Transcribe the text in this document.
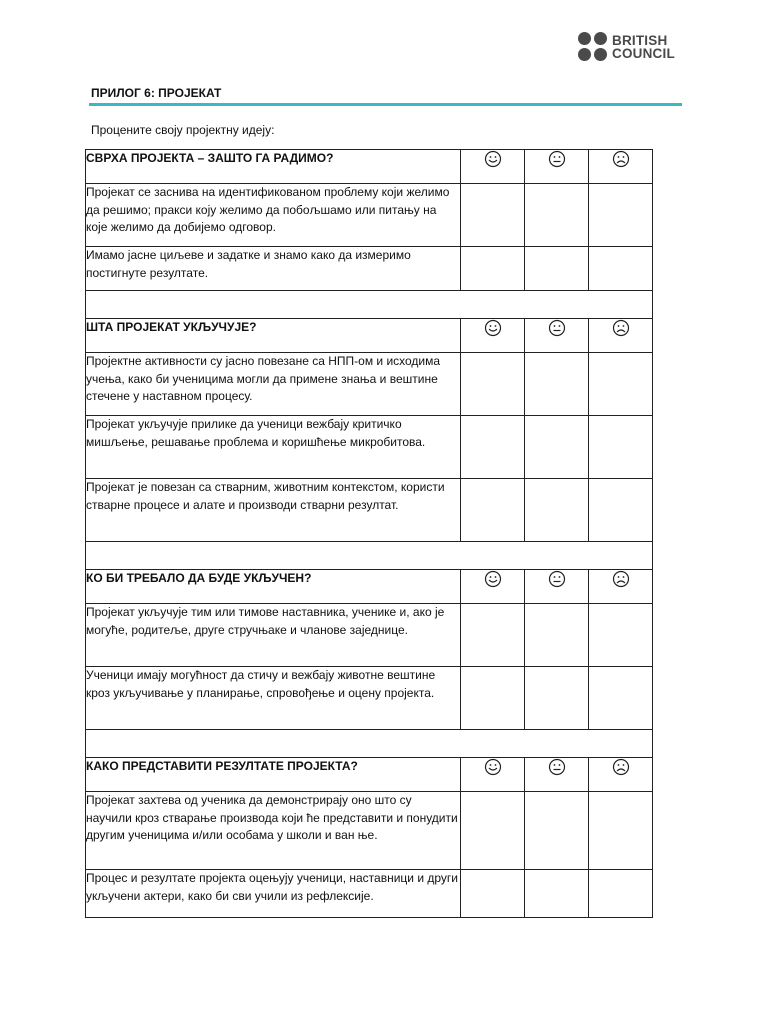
BRITISH
COUNCIL
ПРИЛОГ 6: ПРОЈЕКАТ
Процените своју пројектну идеју:
СВРХА ПРОЈЕКТА – ЗАШТО ГА РАДИМО?			
Пројекат се заснива на идентификованом проблему који желимо да решимо; пракси коју желимо да побољшамо или питању на које желимо да добијемо одговор.			
Имамо јасне циљеве и задатке и знамо како да измеримо постигнуте резултате.			

ШТА ПРОЈЕКАТ УКЉУЧУЈЕ?			
Пројектне активности су јасно повезане са НПП-ом и исходима учења, како би ученицима могли да примене знања и вештине стечене у наставном процесу.			
Пројекат укључује прилике да ученици вежбају критичко мишљење, решавање проблема и коришћење микробитова.			
Пројекат је повезан са стварним, животним контекстом, користи стварне процесе и алате и производи стварни резултат.			

КО БИ ТРЕБАЛО ДА БУДЕ УКЉУЧЕН?			
Пројекат укључује тим или тимове наставника, ученике и, ако је могуће, родитеље, друге стручњаке и чланове заједнице.			
Ученици имају могућност да стичу и вежбају животне вештине кроз укључивање у планирање, спровођење и оцену пројекта.			

КАКО ПРЕДСТАВИТИ РЕЗУЛТАТЕ ПРОЈЕКТА?			
Пројекат захтева од ученика да демонстрирају оно што су научили кроз стварање производа који ће представити и понудити другим ученицима и/или особама у школи и ван ње.			
Процес и резултате пројекта оцењују ученици, наставници и други укључени актери, како би сви учили из рефлексије.			
